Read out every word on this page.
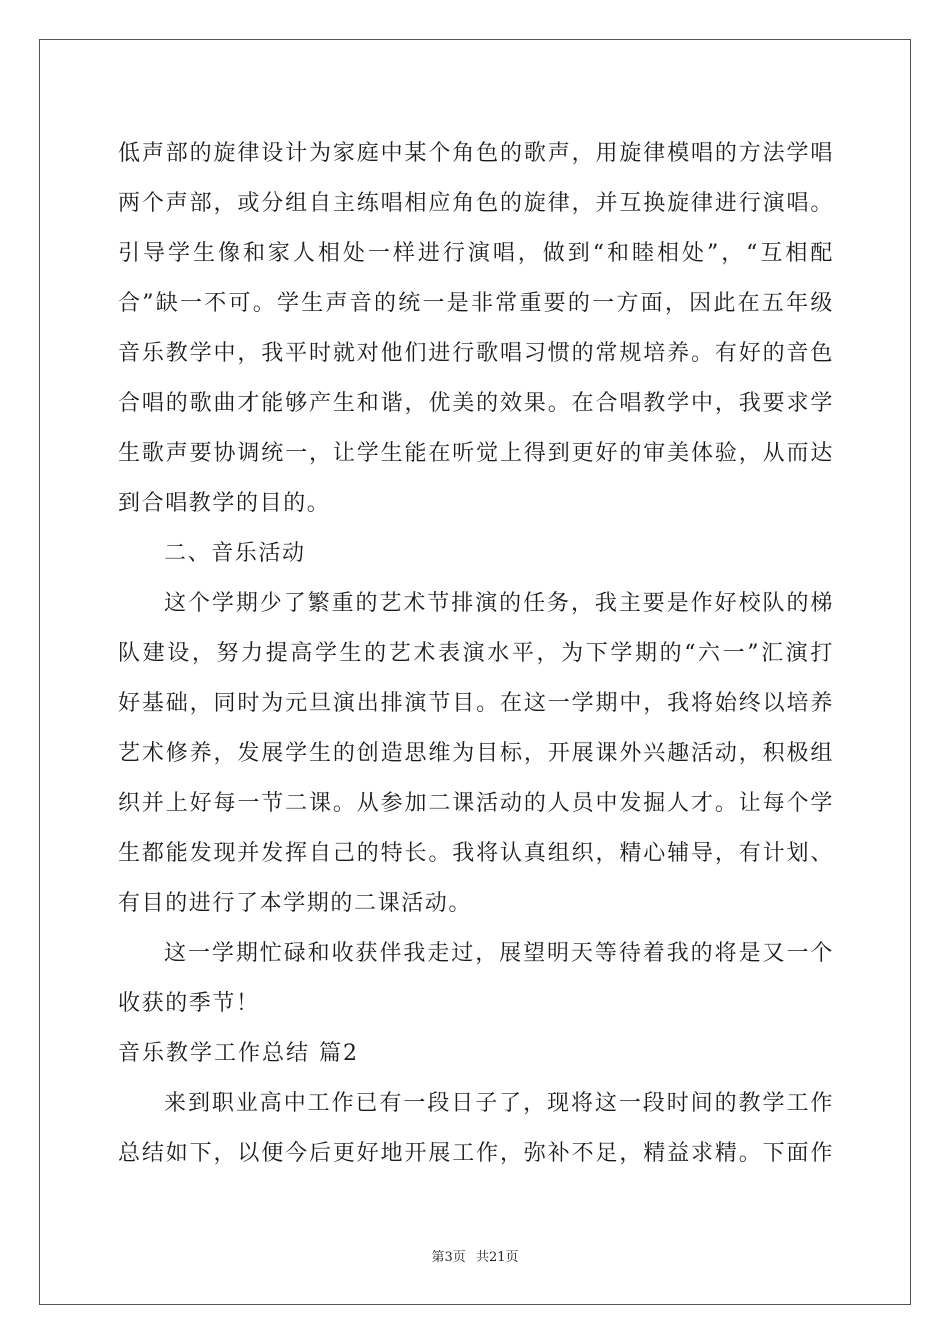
低声部的旋律设计为家庭中某个角色的歌声，用旋律模唱的方法学唱
两个声部，或分组自主练唱相应角色的旋律，并互换旋律进行演唱。
引导学生像和家人相处一样进行演唱，做到“和睦相处”，“互相配
合”缺一不可。学生声音的统一是非常重要的一方面，因此在五年级
音乐教学中，我平时就对他们进行歌唱习惯的常规培养。有好的音色
合唱的歌曲才能够产生和谐，优美的效果。在合唱教学中，我要求学
生歌声要协调统一，让学生能在听觉上得到更好的审美体验，从而达
到合唱教学的目的。
二、音乐活动
这个学期少了繁重的艺术节排演的任务，我主要是作好校队的梯
队建设，努力提高学生的艺术表演水平，为下学期的“六一”汇演打
好基础，同时为元旦演出排演节目。在这一学期中，我将始终以培养
艺术修养，发展学生的创造思维为目标，开展课外兴趣活动，积极组
织并上好每一节二课。从参加二课活动的人员中发掘人才。让每个学
生都能发现并发挥自己的特长。我将认真组织，精心辅导，有计划、
有目的进行了本学期的二课活动。
这一学期忙碌和收获伴我走过，展望明天等待着我的将是又一个
收获的季节！
音乐教学工作总结 篇2
来到职业高中工作已有一段日子了，现将这一段时间的教学工作
总结如下，以便今后更好地开展工作，弥补不足，精益求精。下面作
第3页 共21页
